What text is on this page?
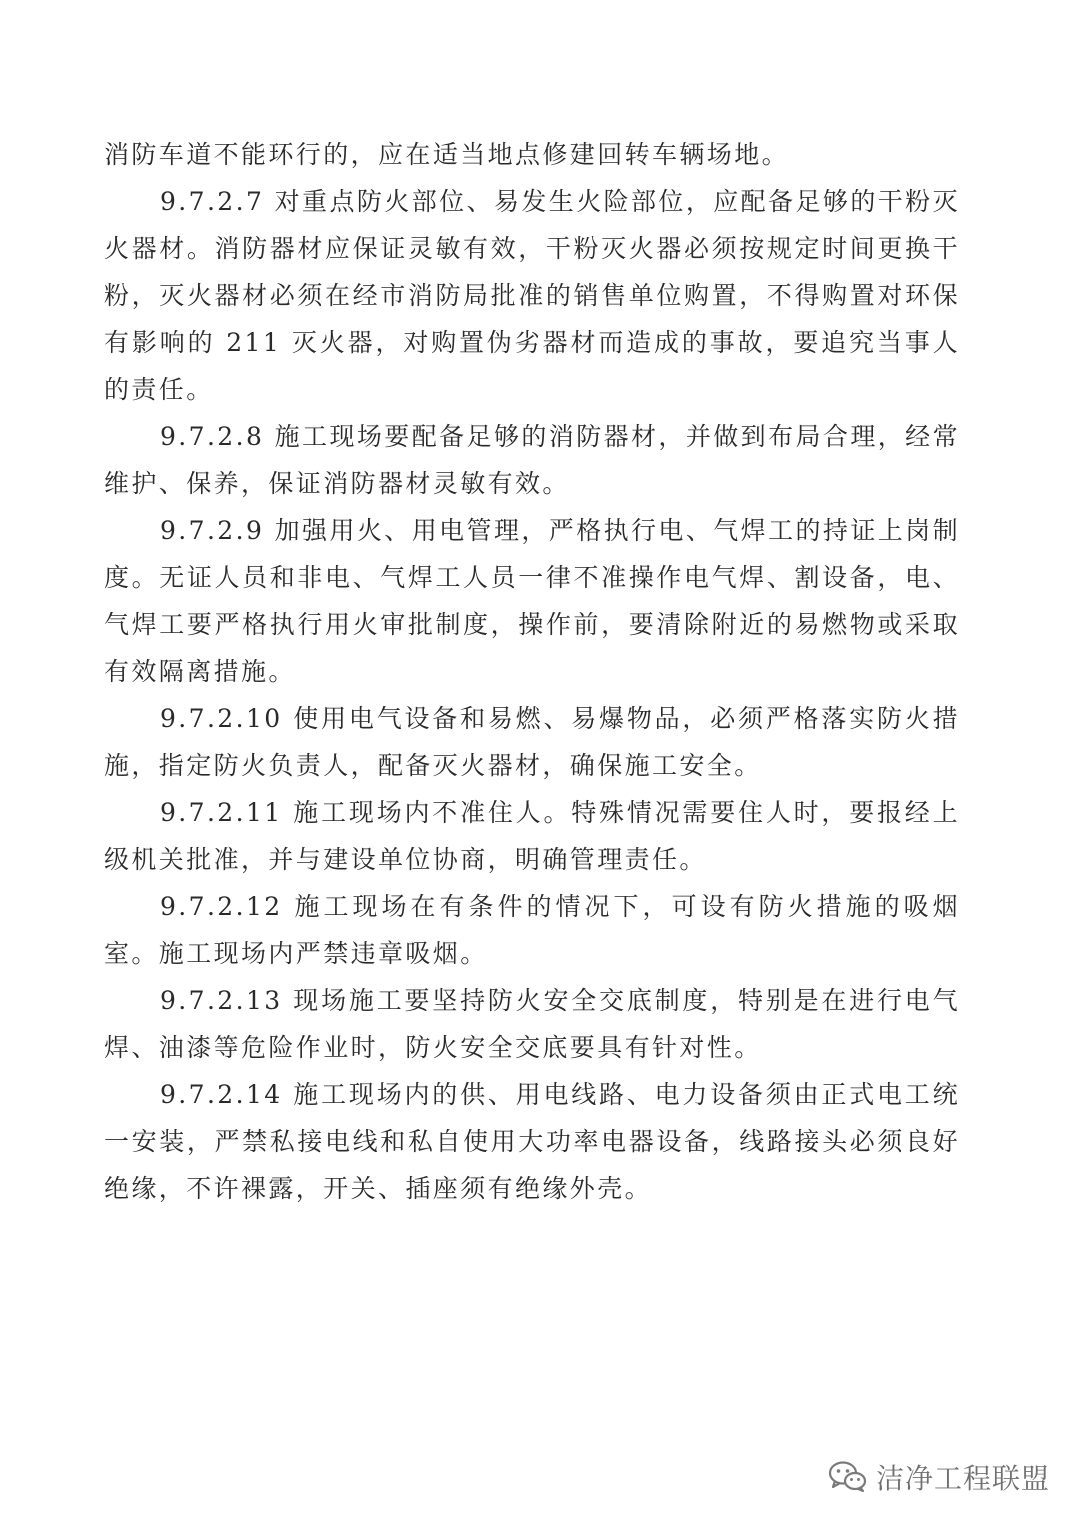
消防车道不能环行的，应在适当地点修建回转车辆场地。

9.7.2.7 对重点防火部位、易发生火险部位，应配备足够的干粉灭火器材。消防器材应保证灵敏有效，干粉灭火器必须按规定时间更换干粉，灭火器材必须在经市消防局批准的销售单位购置，不得购置对环保有影响的 211 灭火器，对购置伪劣器材而造成的事故，要追究当事人的责任。

9.7.2.8 施工现场要配备足够的消防器材，并做到布局合理，经常维护、保养，保证消防器材灵敏有效。

9.7.2.9 加强用火、用电管理，严格执行电、气焊工的持证上岗制度。无证人员和非电、气焊工人员一律不准操作电气焊、割设备，电、气焊工要严格执行用火审批制度，操作前，要清除附近的易燃物或采取有效隔离措施。

9.7.2.10 使用电气设备和易燃、易爆物品，必须严格落实防火措施，指定防火负责人，配备灭火器材，确保施工安全。

9.7.2.11 施工现场内不准住人。特殊情况需要住人时，要报经上级机关批准，并与建设单位协商，明确管理责任。

9.7.2.12 施工现场在有条件的情况下，可设有防火措施的吸烟室。施工现场内严禁违章吸烟。

9.7.2.13 现场施工要坚持防火安全交底制度，特别是在进行电气焊、油漆等危险作业时，防火安全交底要具有针对性。

9.7.2.14 施工现场内的供、用电线路、电力设备须由正式电工统一安装，严禁私接电线和私自使用大功率电器设备，线路接头必须良好绝缘，不许裸露，开关、插座须有绝缘外壳。

洁净工程联盟
